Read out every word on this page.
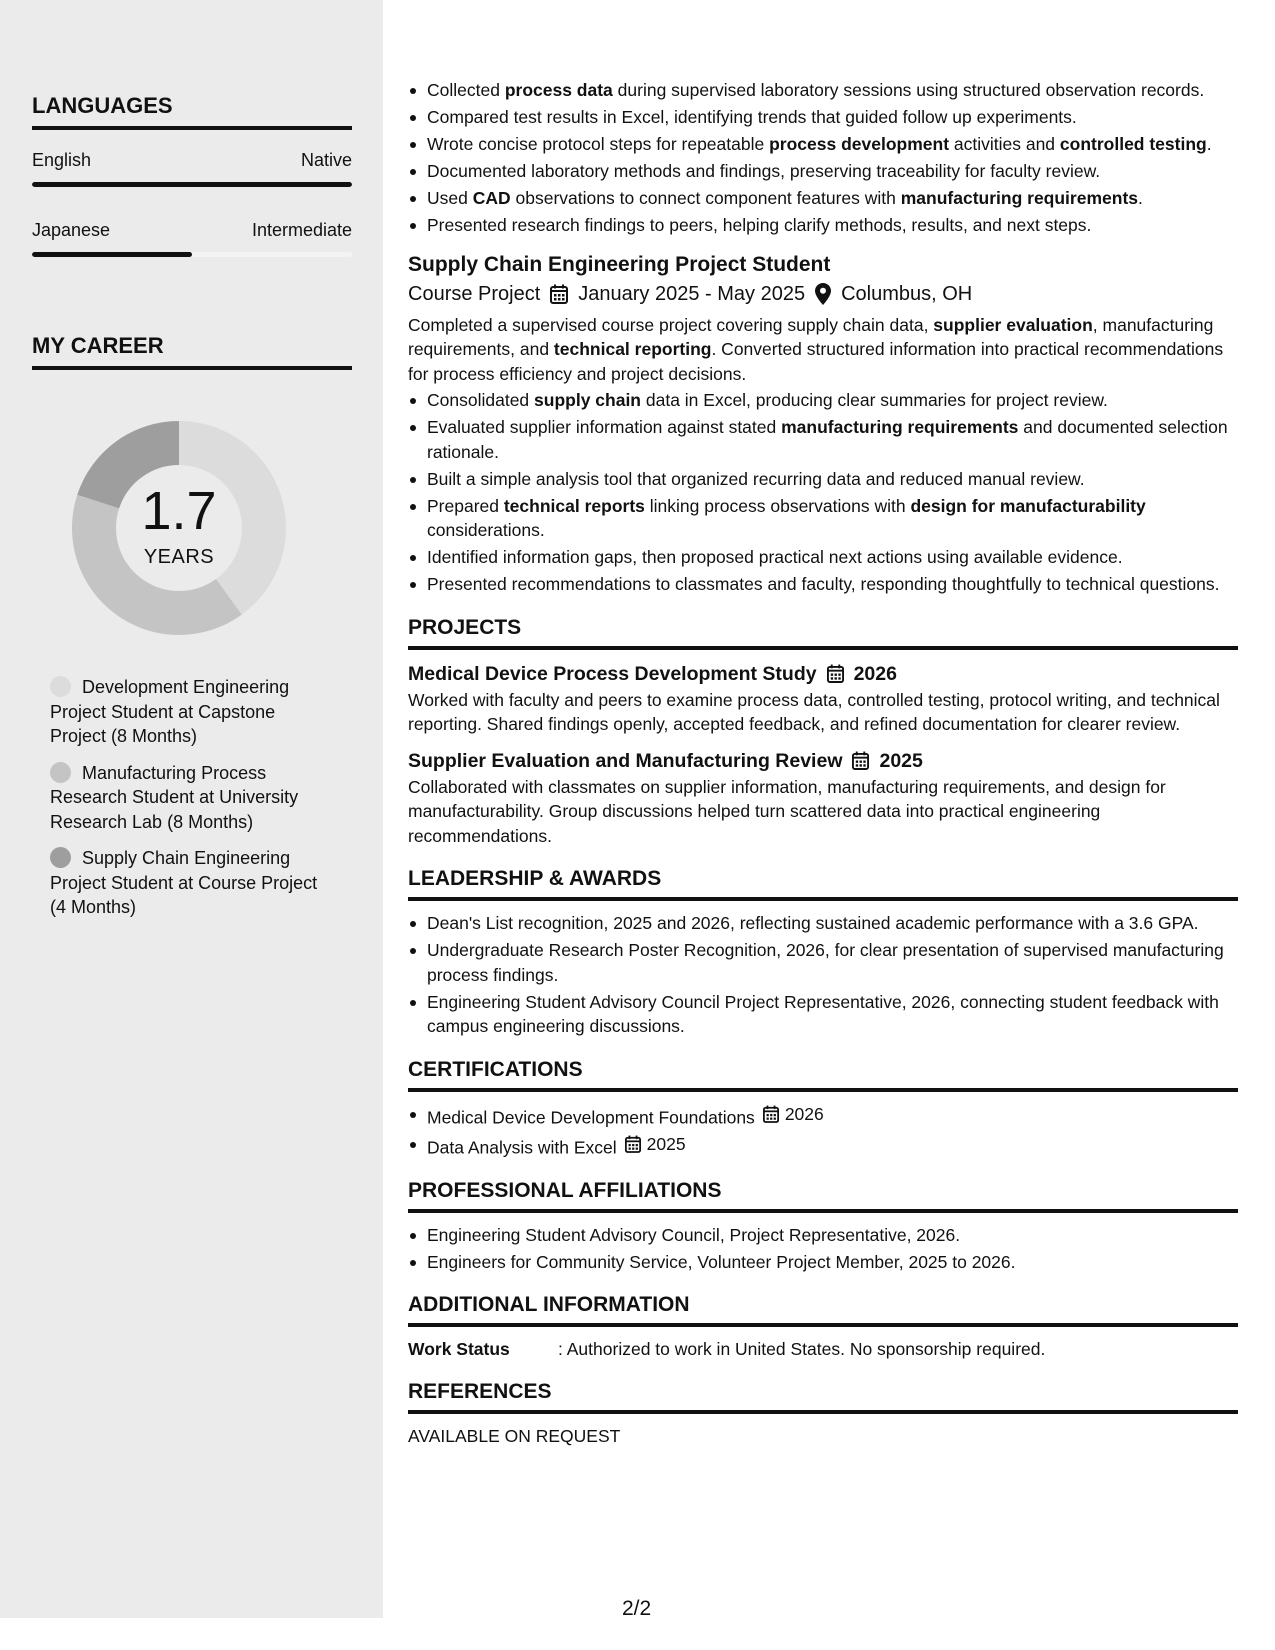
LANGUAGES
English	Native
Japanese	Intermediate
MY CAREER
1.7
YEARS
Development Engineering Project Student at Capstone Project (8 Months)
Manufacturing Process Research Student at University Research Lab (8 Months)
Supply Chain Engineering Project Student at Course Project (4 Months)
Collected process data during supervised laboratory sessions using structured observation records.
Compared test results in Excel, identifying trends that guided follow up experiments.
Wrote concise protocol steps for repeatable process development activities and controlled testing.
Documented laboratory methods and findings, preserving traceability for faculty review.
Used CAD observations to connect component features with manufacturing requirements.
Presented research findings to peers, helping clarify methods, results, and next steps.
Supply Chain Engineering Project Student
Course Project January 2025 - May 2025 Columbus, OH
Completed a supervised course project covering supply chain data, supplier evaluation, manufacturing requirements, and technical reporting. Converted structured information into practical recommendations for process efficiency and project decisions.
Consolidated supply chain data in Excel, producing clear summaries for project review.
Evaluated supplier information against stated manufacturing requirements and documented selection rationale.
Built a simple analysis tool that organized recurring data and reduced manual review.
Prepared technical reports linking process observations with design for manufacturability considerations.
Identified information gaps, then proposed practical next actions using available evidence.
Presented recommendations to classmates and faculty, responding thoughtfully to technical questions.
PROJECTS
Medical Device Process Development Study 2026
Worked with faculty and peers to examine process data, controlled testing, protocol writing, and technical reporting. Shared findings openly, accepted feedback, and refined documentation for clearer review.
Supplier Evaluation and Manufacturing Review 2025
Collaborated with classmates on supplier information, manufacturing requirements, and design for manufacturability. Group discussions helped turn scattered data into practical engineering recommendations.
LEADERSHIP & AWARDS
Dean's List recognition, 2025 and 2026, reflecting sustained academic performance with a 3.6 GPA.
Undergraduate Research Poster Recognition, 2026, for clear presentation of supervised manufacturing process findings.
Engineering Student Advisory Council Project Representative, 2026, connecting student feedback with campus engineering discussions.
CERTIFICATIONS
Medical Device Development Foundations 2026
Data Analysis with Excel 2025
PROFESSIONAL AFFILIATIONS
Engineering Student Advisory Council, Project Representative, 2026.
Engineers for Community Service, Volunteer Project Member, 2025 to 2026.
ADDITIONAL INFORMATION
Work Status	: Authorized to work in United States. No sponsorship required.
REFERENCES
AVAILABLE ON REQUEST
2/2
